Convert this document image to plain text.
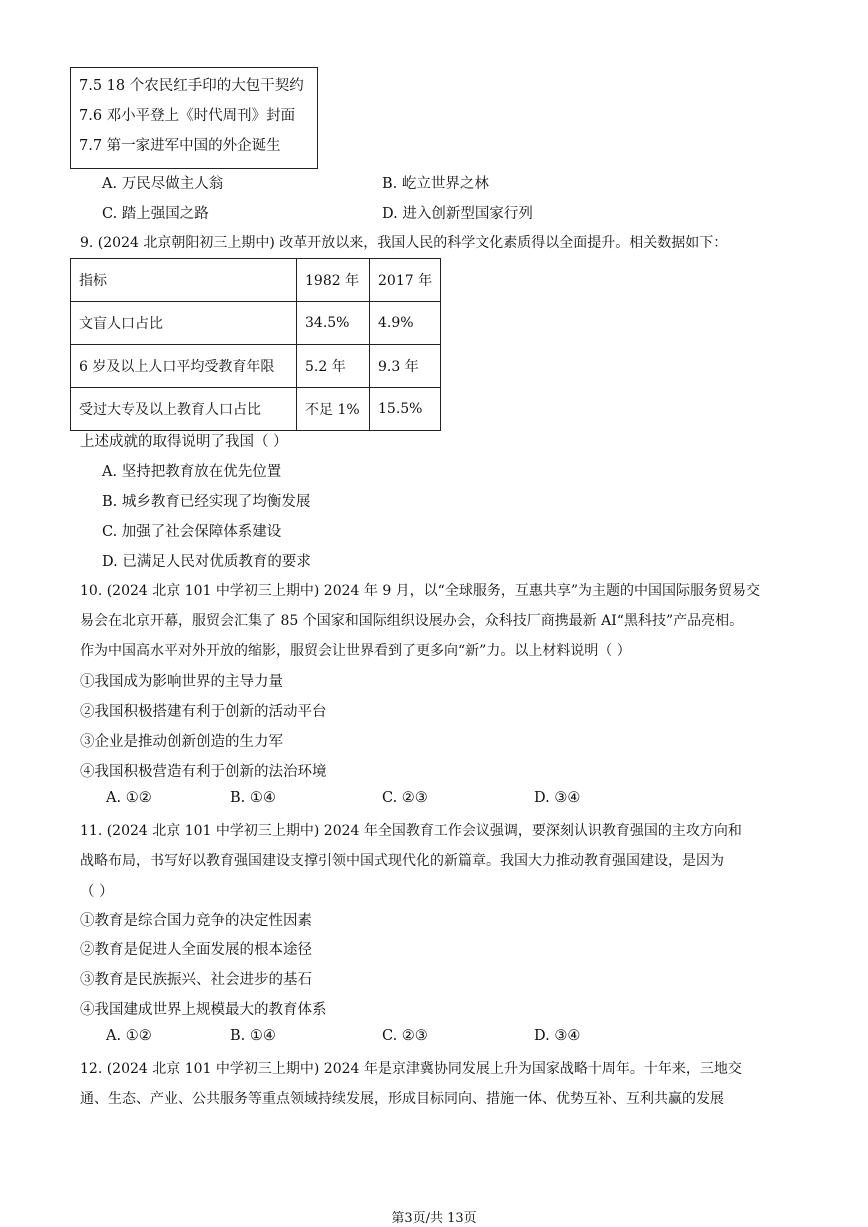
7.5 18 个农民红手印的大包干契约
7.6 邓小平登上《时代周刊》封面
7.7 第一家进军中国的外企诞生
A. 万民尽做主人翁	B. 屹立世界之林
C. 踏上强国之路	D. 进入创新型国家行列
9. (2024 北京朝阳初三上期中) 改革开放以来，我国人民的科学文化素质得以全面提升。相关数据如下：
指标	1982 年	2017 年
文盲人口占比	34.5%	4.9%
6 岁及以上人口平均受教育年限	5.2 年	9.3 年
受过大专及以上教育人口占比	不足 1%	15.5%
上述成就的取得说明了我国（ ）
A. 坚持把教育放在优先位置
B. 城乡教育已经实现了均衡发展
C. 加强了社会保障体系建设
D. 已满足人民对优质教育的要求
10. (2024 北京 101 中学初三上期中) 2024 年 9 月，以“全球服务，互惠共享”为主题的中国国际服务贸易交
易会在北京开幕，服贸会汇集了 85 个国家和国际组织设展办会，众科技厂商携最新 AI“黑科技”产品亮相。
作为中国高水平对外开放的缩影，服贸会让世界看到了更多向“新”力。以上材料说明（ ）
①我国成为影响世界的主导力量
②我国积极搭建有利于创新的活动平台
③企业是推动创新创造的生力军
④我国积极营造有利于创新的法治环境
A. ①②	B. ①④	C. ②③	D. ③④
11. (2024 北京 101 中学初三上期中) 2024 年全国教育工作会议强调，要深刻认识教育强国的主攻方向和
战略布局，书写好以教育强国建设支撑引领中国式现代化的新篇章。我国大力推动教育强国建设，是因为
（ ）
①教育是综合国力竞争的决定性因素
②教育是促进人全面发展的根本途径
③教育是民族振兴、社会进步的基石
④我国建成世界上规模最大的教育体系
A. ①②	B. ①④	C. ②③	D. ③④
12. (2024 北京 101 中学初三上期中) 2024 年是京津冀协同发展上升为国家战略十周年。十年来，三地交
通、生态、产业、公共服务等重点领域持续发展，形成目标同向、措施一体、优势互补、互利共赢的发展
第3页/共 13页
